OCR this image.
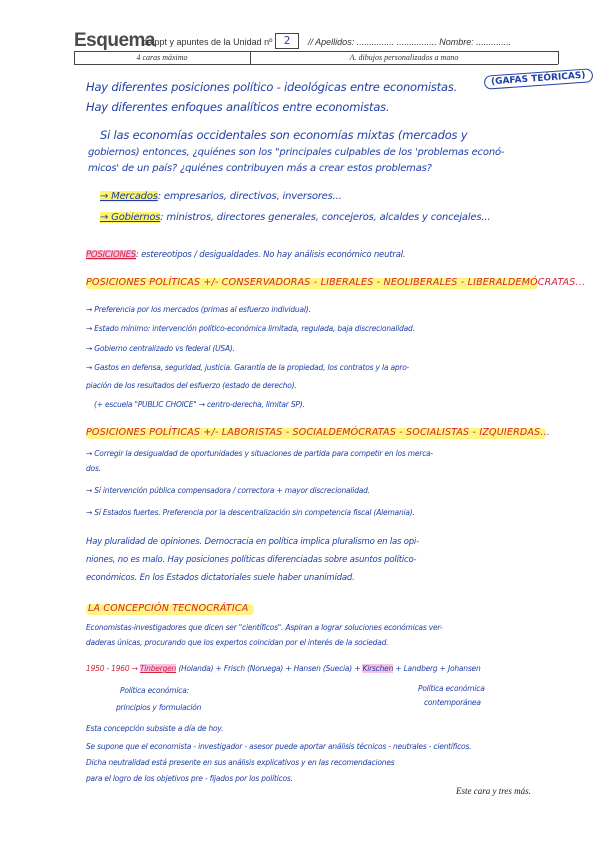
Esquema
de ppt y apuntes de la Unidad nº	2	// Apellidos: ............... ................ Nombre: ..............
4 caras máximo	A. dibujos personalizados a mano
(GAFAS TEÓRICAS)
Hay diferentes posiciones político - ideológicas entre economistas.
Hay diferentes enfoques analíticos entre economistas.
Si las economías occidentales son economías mixtas (mercados y
gobiernos) entonces, ¿quiénes son los "principales culpables de los 'problemas econó-
micos' de un país? ¿quiénes contribuyen más a crear estos problemas?
→ Mercados: empresarios, directivos, inversores...
→ Gobiernos: ministros, directores generales, concejeros, alcaldes y concejales...
POSICIONES: estereotipos / desigualdades. No hay análisis económico neutral.
POSICIONES POLÍTICAS +/- CONSERVADORAS - LIBERALES - NEOLIBERALES - LIBERALDEMÓCRATAS...
→ Preferencia por los mercados (primas al esfuerzo individual).
→ Estado mínimo: intervención político-económica limitada, regulada, baja discrecionalidad.
→ Gobierno centralizado vs federal (USA).
→ Gastos en defensa, seguridad, justicia. Garantía de la propiedad, los contratos y la apro-
piación de los resultados del esfuerzo (estado de derecho).
(+ escuela "PUBLIC CHOICE" → centro-derecha, limitar SP).
POSICIONES POLÍTICAS +/- LABORISTAS - SOCIALDEMÓCRATAS - SOCIALISTAS - IZQUIERDAS...
→ Corregir la desigualdad de oportunidades y situaciones de partida para competir en los merca-
dos.
→ Sí intervención pública compensadora / correctora + mayor discrecionalidad.
→ Sí Estados fuertes. Preferencia por la descentralización sin competencia fiscal (Alemania).
Hay pluralidad de opiniones. Democracia en política implica pluralismo en las opi-
niones, no es malo. Hay posiciones políticas diferenciadas sobre asuntos político-
económicos. En los Estados dictatoriales suele haber unanimidad.
LA CONCEPCIÓN TECNOCRÁTICA
Economistas-investigadores que dicen ser "científicos". Aspiran a lograr soluciones económicas ver-
daderas únicas, procurando que los expertos coincidan por el interés de la sociedad.
1950 - 1960 → Tinbergen (Holanda) + Frisch (Noruega) + Hansen (Suecia) + Kirschen + Landberg + Johansen
Política económica:
principios y formulación
Política económica
contemporánea
Esta concepción subsiste a día de hoy.
Se supone que el economista - investigador - asesor puede aportar análisis técnicos - neutrales - científicos.
Dicha neutralidad está presente en sus análisis explicativos y en las recomendaciones
para el logro de los objetivos pre - fijados por los políticos.
Este cara y tres más.
